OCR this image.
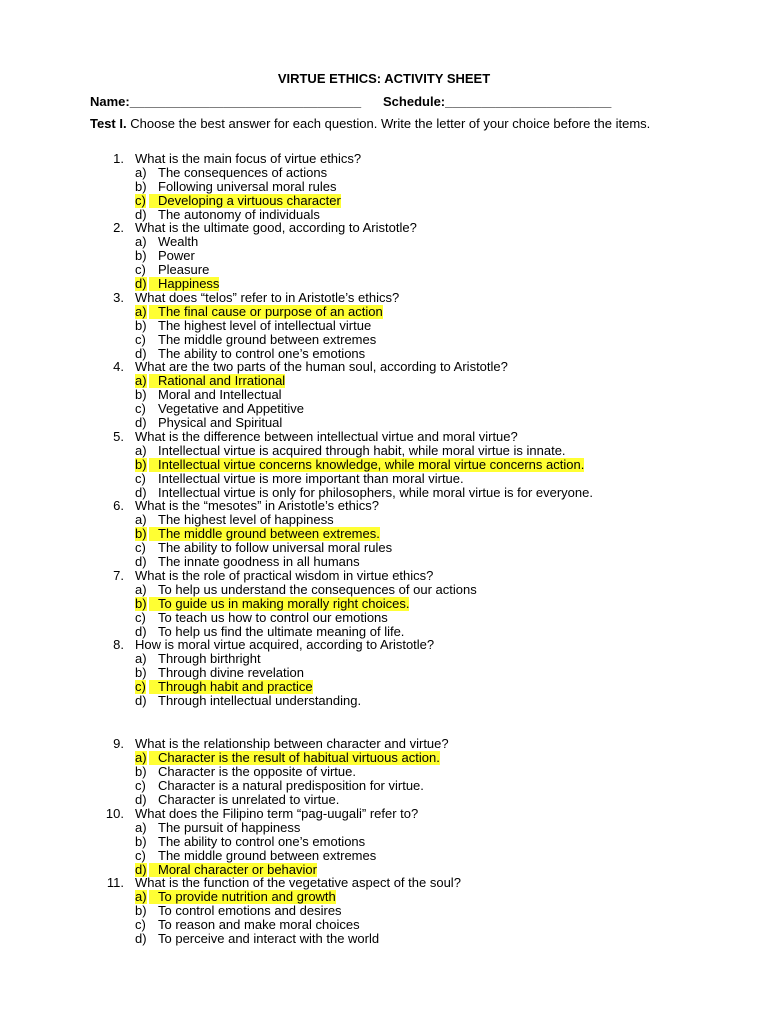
VIRTUE ETHICS: ACTIVITY SHEET
Name:________________________________ Schedule:_______________________
Test I. Choose the best answer for each question. Write the letter of your choice before the items.
1. What is the main focus of virtue ethics?
a) The consequences of actions
b) Following universal moral rules
c) Developing a virtuous character
d) The autonomy of individuals
2. What is the ultimate good, according to Aristotle?
a) Wealth
b) Power
c) Pleasure
d) Happiness
3. What does “telos” refer to in Aristotle’s ethics?
a) The final cause or purpose of an action
b) The highest level of intellectual virtue
c) The middle ground between extremes
d) The ability to control one’s emotions
4. What are the two parts of the human soul, according to Aristotle?
a) Rational and Irrational
b) Moral and Intellectual
c) Vegetative and Appetitive
d) Physical and Spiritual
5. What is the difference between intellectual virtue and moral virtue?
a) Intellectual virtue is acquired through habit, while moral virtue is innate.
b) Intellectual virtue concerns knowledge, while moral virtue concerns action.
c) Intellectual virtue is more important than moral virtue.
d) Intellectual virtue is only for philosophers, while moral virtue is for everyone.
6. What is the “mesotes” in Aristotle’s ethics?
a) The highest level of happiness
b) The middle ground between extremes.
c) The ability to follow universal moral rules
d) The innate goodness in all humans
7. What is the role of practical wisdom in virtue ethics?
a) To help us understand the consequences of our actions
b) To guide us in making morally right choices.
c) To teach us how to control our emotions
d) To help us find the ultimate meaning of life.
8. How is moral virtue acquired, according to Aristotle?
a) Through birthright
b) Through divine revelation
c) Through habit and practice
d) Through intellectual understanding.
9. What is the relationship between character and virtue?
a) Character is the result of habitual virtuous action.
b) Character is the opposite of virtue.
c) Character is a natural predisposition for virtue.
d) Character is unrelated to virtue.
10. What does the Filipino term “pag-uugali” refer to?
a) The pursuit of happiness
b) The ability to control one’s emotions
c) The middle ground between extremes
d) Moral character or behavior
11. What is the function of the vegetative aspect of the soul?
a) To provide nutrition and growth
b) To control emotions and desires
c) To reason and make moral choices
d) To perceive and interact with the world
